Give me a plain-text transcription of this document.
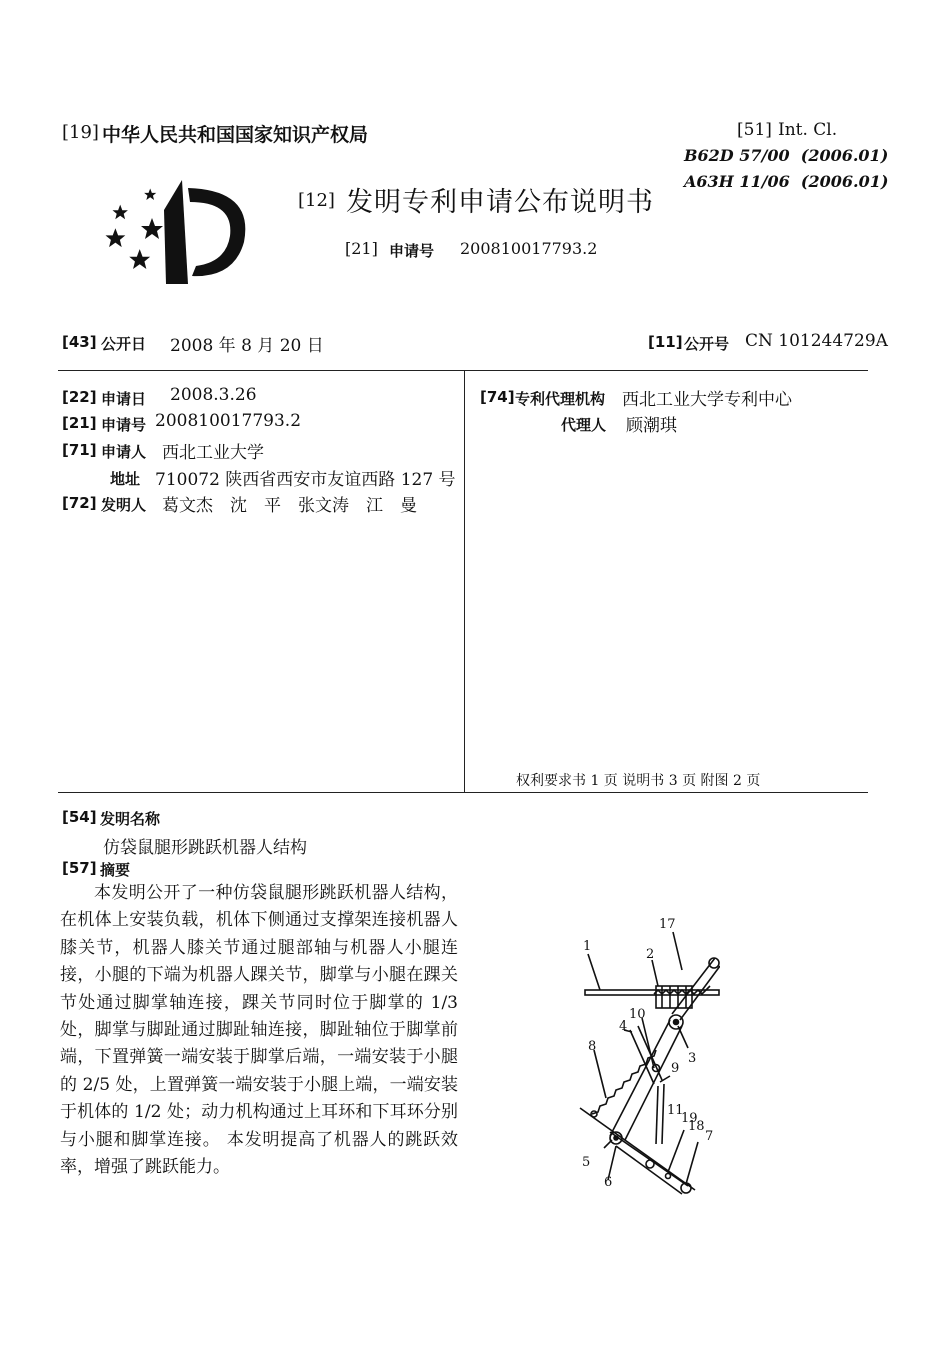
[19] 中华人民共和国国家知识产权局
[12] 发明专利申请公布说明书
[21] 申请号 200810017793.2
[51] Int. Cl.
B62D 57/00 (2006.01)
A63H 11/06 (2006.01)
[43] 公开日 2008 年 8 月 20 日	[11] 公开号 CN 101244729A
[22] 申请日 2008.3.26
[21] 申请号 200810017793.2
[71] 申请人 西北工业大学
地址 710072 陕西省西安市友谊西路 127 号
[72] 发明人 葛文杰　沈　平　张文涛　江　曼
[74] 专利代理机构 西北工业大学专利中心
代理人 顾潮琪
权利要求书 1 页 说明书 3 页 附图 2 页
[54] 发明名称
仿袋鼠腿形跳跃机器人结构
[57] 摘要
本发明公开了一种仿袋鼠腿形跳跃机器人结构，在机体上安装负载，机体下侧通过支撑架连接机器人膝关节，机器人膝关节通过腿部轴与机器人小腿连接，小腿的下端为机器人踝关节，脚掌与小腿在踝关节处通过脚掌轴连接，踝关节同时位于脚掌的 1/3 处，脚掌与脚趾通过脚趾轴连接，脚趾轴位于脚掌前端，下置弹簧一端安装于脚掌后端，一端安装于小腿的 2/5 处，上置弹簧一端安装于小腿上端，一端安装于机体的 1/2 处；动力机构通过上耳环和下耳环分别与小腿和脚掌连接。 本发明提高了机器人的跳跃效率，增强了跳跃能力。
1
2
17
10
4
3
8
9
11
19
18
7
5
6
